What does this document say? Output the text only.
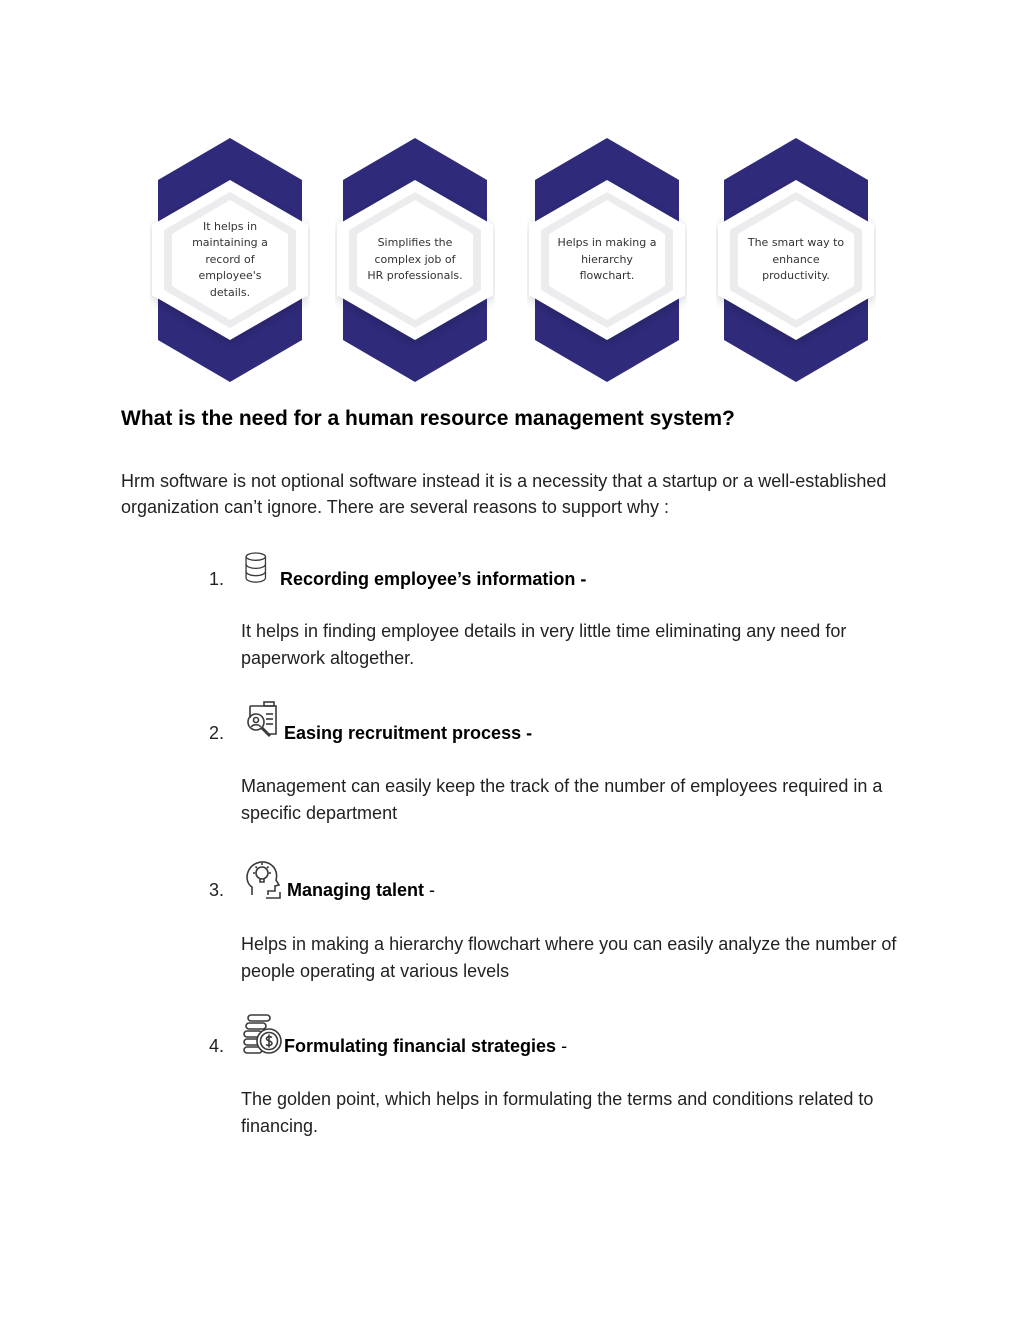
It helps in maintaining a record of employee's details.
Simplifies the complex job of HR professionals.
Helps in making a hierarchy flowchart.
The smart way to enhance productivity.
What is the need for a human resource management system?

Hrm software is not optional software instead it is a necessity that a startup or a well-established organization can’t ignore. There are several reasons to support why :

1.	Recording employee’s information -

It helps in finding employee details in very little time eliminating any need for paperwork altogether.

2.	Easing recruitment process -

Management can easily keep the track of the number of employees required in a specific department

3.	Managing talent -

Helps in making a hierarchy flowchart where you can easily analyze the number of people operating at various levels

4.	Formulating financial strategies -

The golden point, which helps in formulating the terms and conditions related to financing.
